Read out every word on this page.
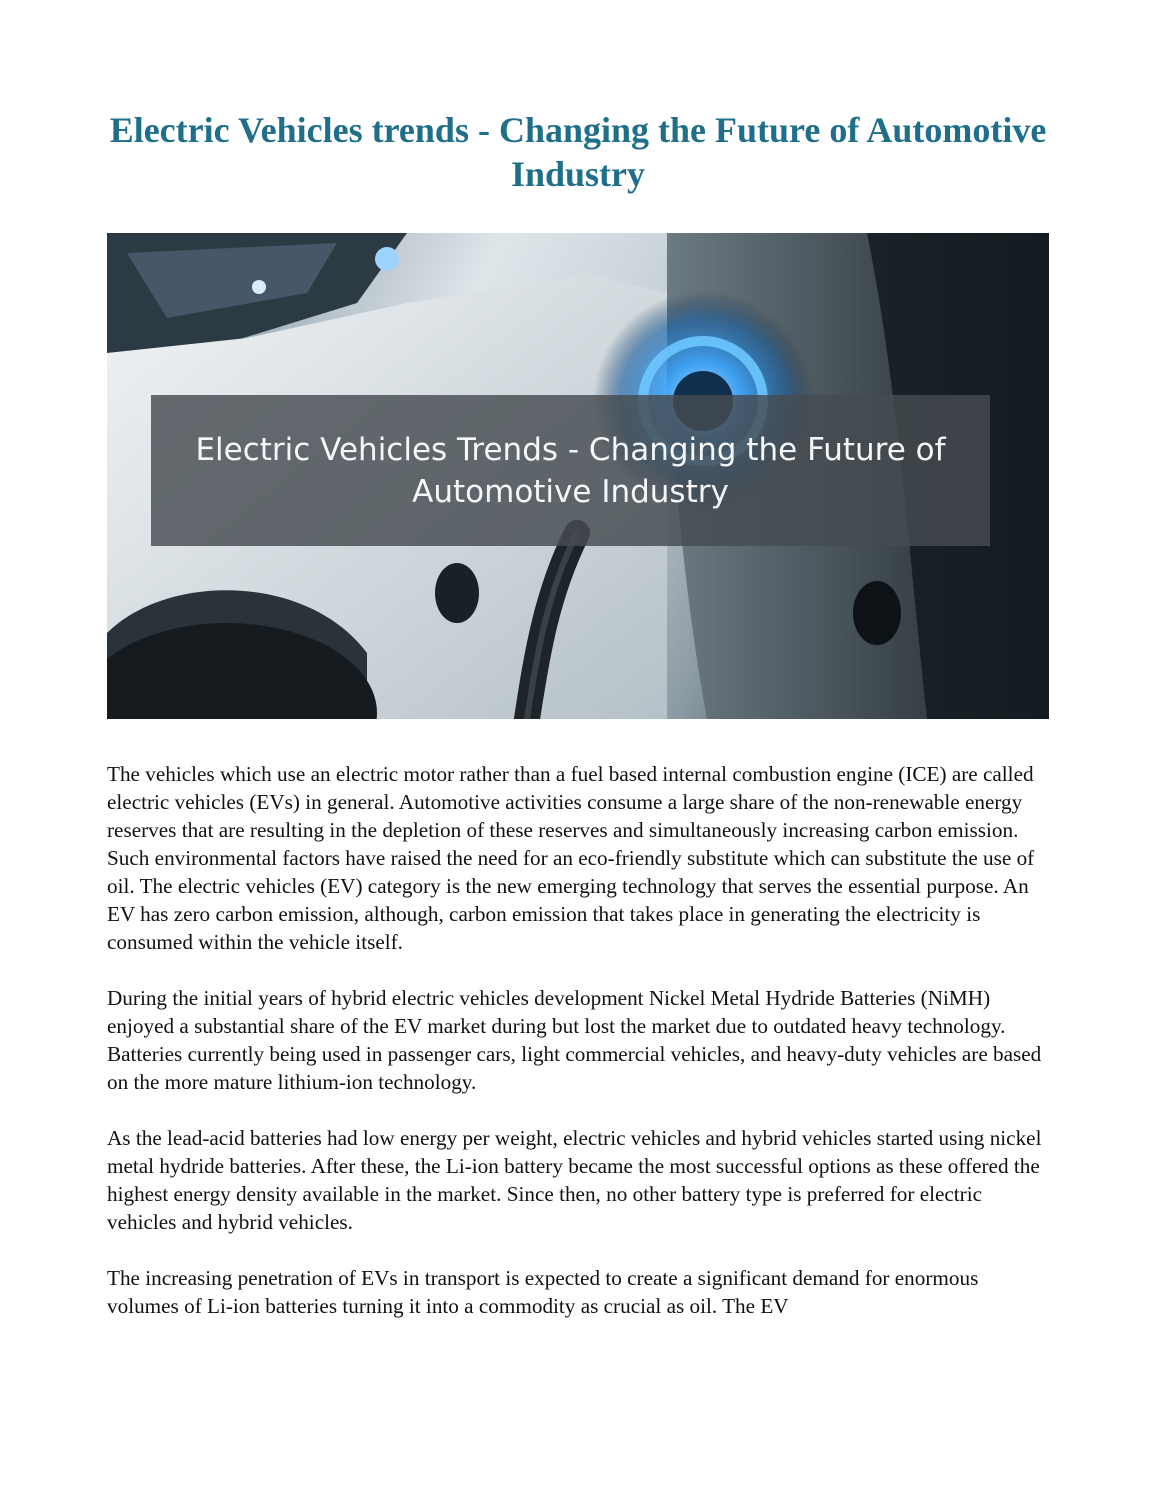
Electric Vehicles trends - Changing the Future of Automotive Industry
Electric Vehicles Trends - Changing the Future of Automotive Industry

The vehicles which use an electric motor rather than a fuel based internal combustion engine (ICE) are called electric vehicles (EVs) in general. Automotive activities consume a large share of the non-renewable energy reserves that are resulting in the depletion of these reserves and simultaneously increasing carbon emission. Such environmental factors have raised the need for an eco-friendly substitute which can substitute the use of oil. The electric vehicles (EV) category is the new emerging technology that serves the essential purpose. An EV has zero carbon emission, although, carbon emission that takes place in generating the electricity is consumed within the vehicle itself.

During the initial years of hybrid electric vehicles development Nickel Metal Hydride Batteries (NiMH) enjoyed a substantial share of the EV market during but lost the market due to outdated heavy technology. Batteries currently being used in passenger cars, light commercial vehicles, and heavy-duty vehicles are based on the more mature lithium-ion technology.

As the lead-acid batteries had low energy per weight, electric vehicles and hybrid vehicles started using nickel metal hydride batteries. After these, the Li-ion battery became the most successful options as these offered the highest energy density available in the market. Since then, no other battery type is preferred for electric vehicles and hybrid vehicles.

The increasing penetration of EVs in transport is expected to create a significant demand for enormous volumes of Li-ion batteries turning it into a commodity as crucial as oil. The EV
